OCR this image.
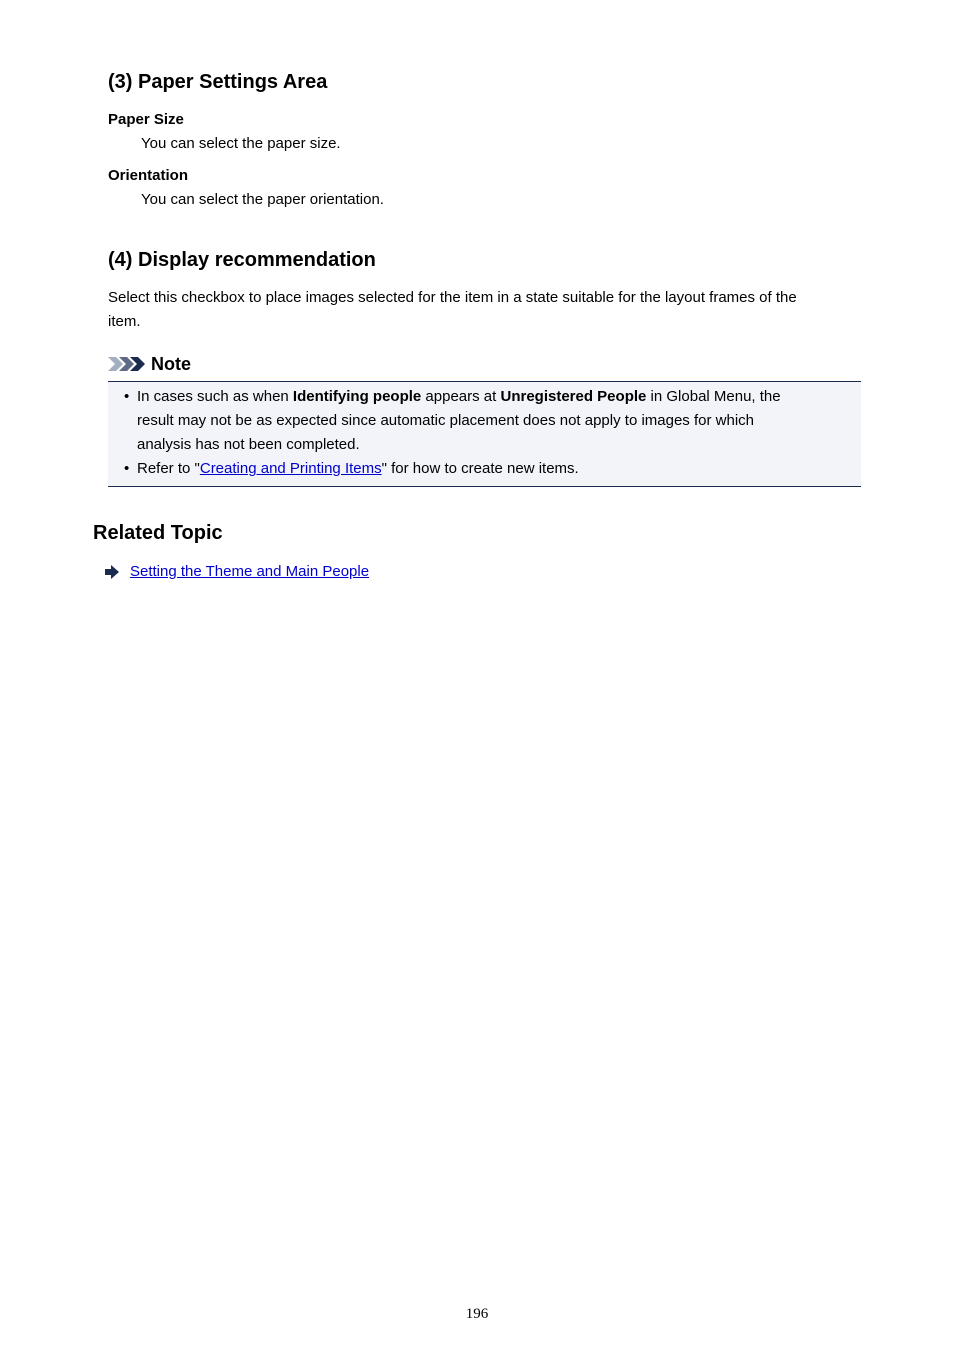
(3) Paper Settings Area
Paper Size
You can select the paper size.
Orientation
You can select the paper orientation.
(4) Display recommendation
Select this checkbox to place images selected for the item in a state suitable for the layout frames of the
item.
Note
• In cases such as when Identifying people appears at Unregistered People in Global Menu, the
result may not be as expected since automatic placement does not apply to images for which
analysis has not been completed.
• Refer to "Creating and Printing Items" for how to create new items.
Related Topic
Setting the Theme and Main People
196
